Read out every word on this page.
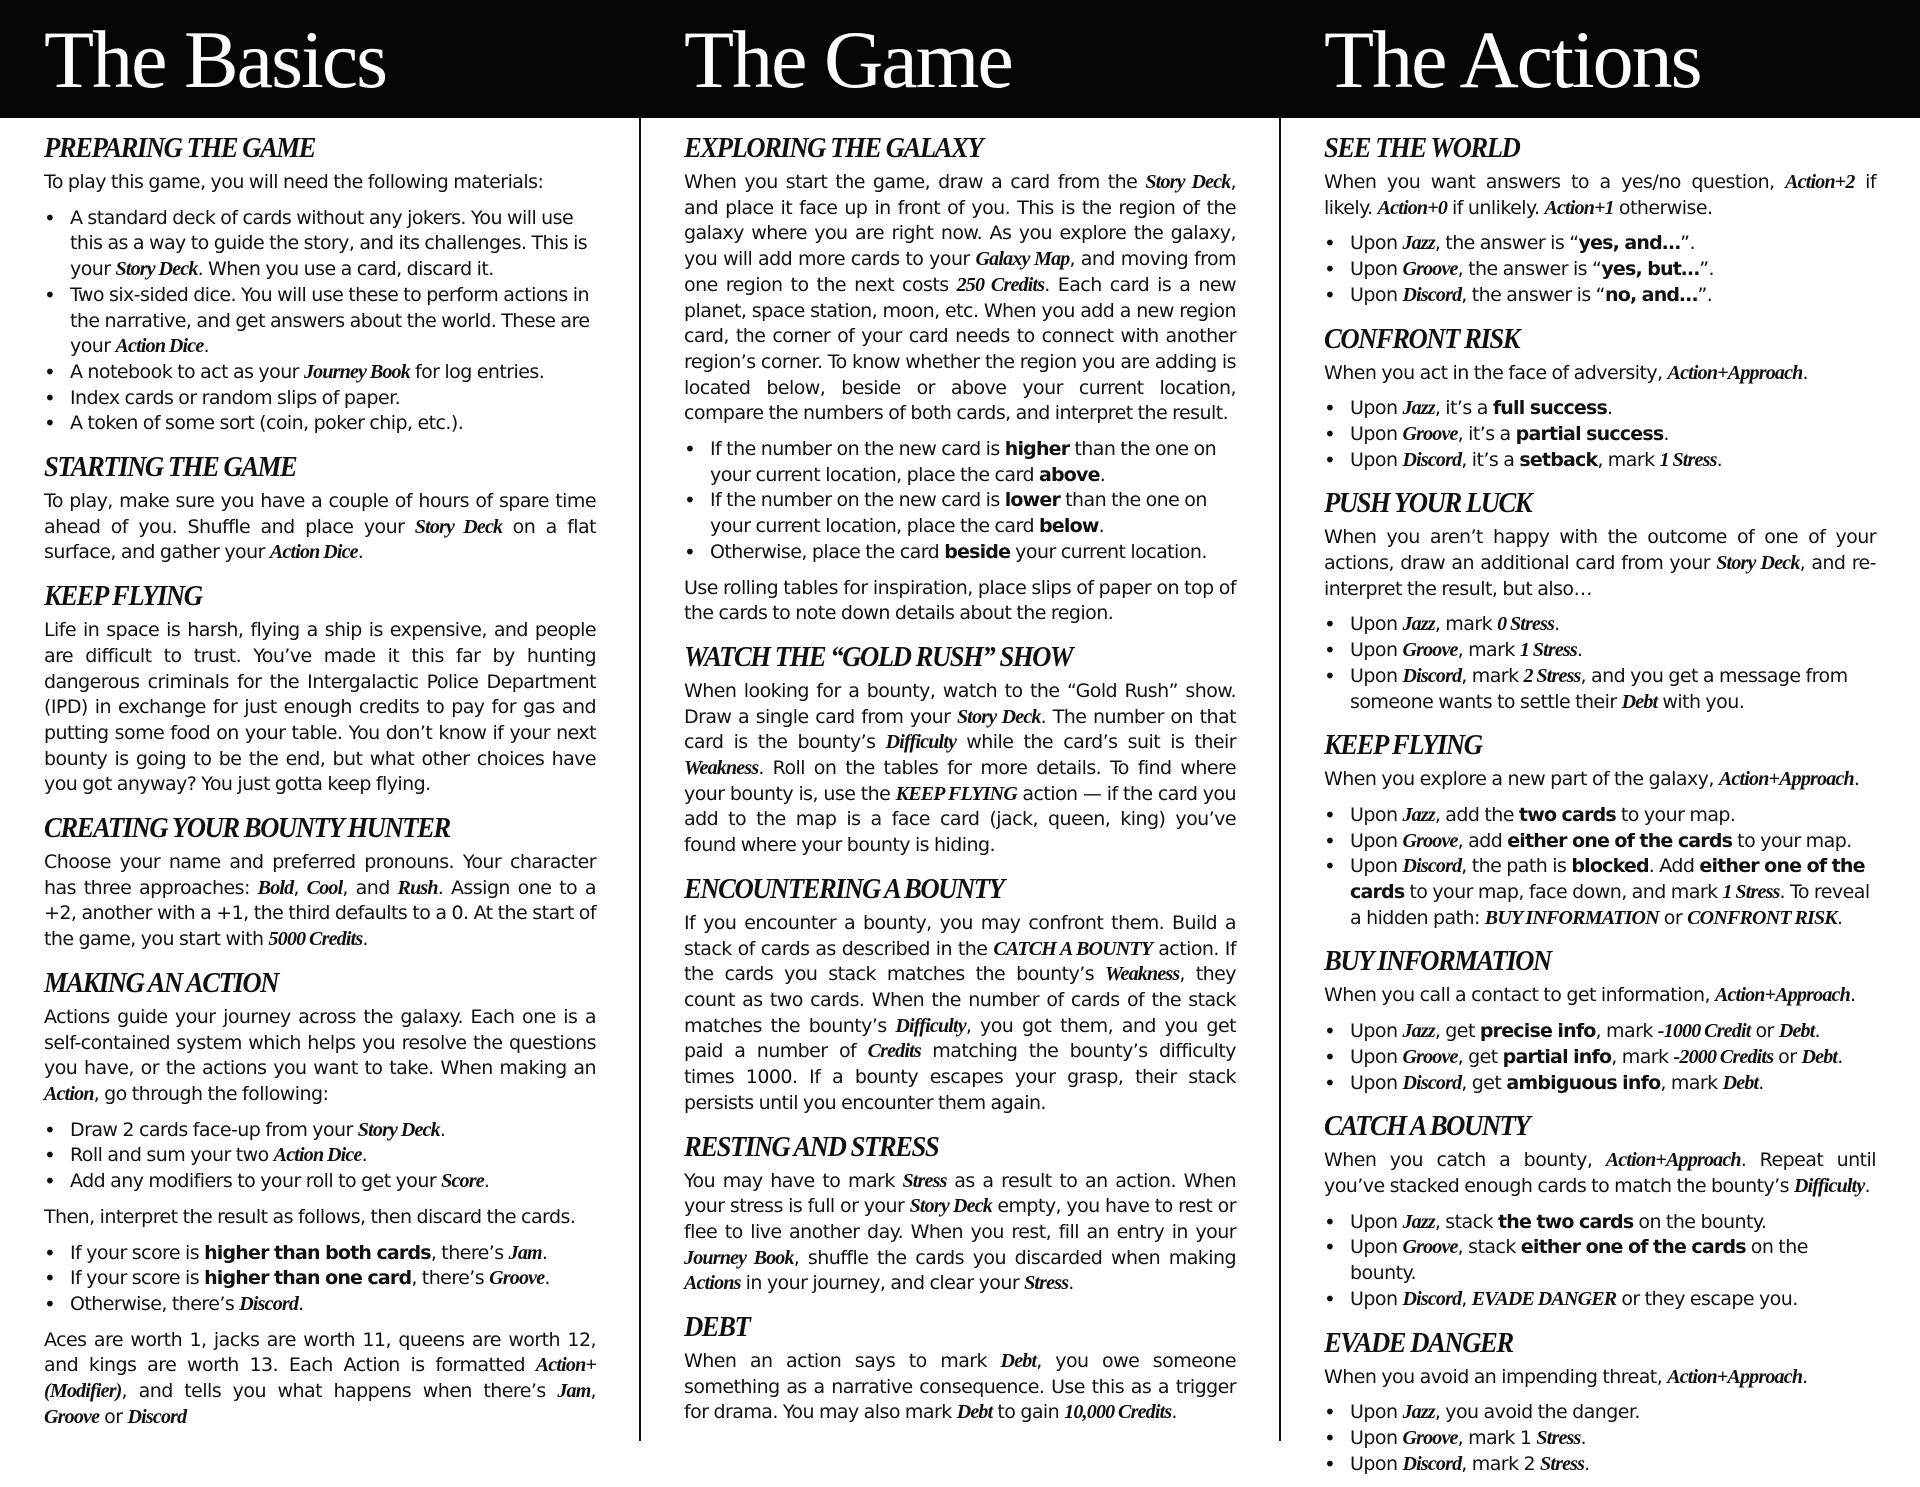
The Basics	The Game	The Actions
PREPARING THE GAME

To play this game, you will need the following materials:

• A standard deck of cards without any jokers. You will use this as a way to guide the story, and its challenges. This is your Story Deck. When you use a card, discard it.
• Two six-sided dice. You will use these to perform actions in the narrative, and get answers about the world. These are your Action Dice.
• A notebook to act as your Journey Book for log entries.
• Index cards or random slips of paper.
• A token of some sort (coin, poker chip, etc.).
STARTING THE GAME

To play, make sure you have a couple of hours of spare time ahead of you. Shuffle and place your Story Deck on a flat surface, and gather your Action Dice.

KEEP FLYING

Life in space is harsh, flying a ship is expensive, and people are difficult to trust. You’ve made it this far by hunting dangerous criminals for the Intergalactic Police Department (IPD) in exchange for just enough credits to pay for gas and putting some food on your table. You don’t know if your next bounty is going to be the end, but what other choices have you got anyway? You just gotta keep flying.

CREATING YOUR BOUNTY HUNTER

Choose your name and preferred pronouns. Your character has three approaches: Bold, Cool, and Rush. Assign one to a +2, another with a +1, the third defaults to a 0. At the start of the game, you start with 5000 Credits.

MAKING AN ACTION

Actions guide your journey across the galaxy. Each one is a self-contained system which helps you resolve the questions you have, or the actions you want to take. When making an Action, go through the following:

• Draw 2 cards face-up from your Story Deck.
• Roll and sum your two Action Dice.
• Add any modifiers to your roll to get your Score.

Then, interpret the result as follows, then discard the cards.

• If your score is higher than both cards, there’s Jam.
• If your score is higher than one card, there’s Groove.
• Otherwise, there’s Discord.

Aces are worth 1, jacks are worth 11, queens are worth 12, and kings are worth 13. Each Action is formatted Action+(Modifier), and tells you what happens when there’s Jam, Groove or Discord

EXPLORING THE GALAXY

When you start the game, draw a card from the Story Deck, and place it face up in front of you. This is the region of the galaxy where you are right now. As you explore the galaxy, you will add more cards to your Galaxy Map, and moving from one region to the next costs 250 Credits. Each card is a new planet, space station, moon, etc. When you add a new region card, the corner of your card needs to connect with another region’s corner. To know whether the region you are adding is located below, beside or above your current location, compare the numbers of both cards, and interpret the result.

• If the number on the new card is higher than the one on your current location, place the card above.
• If the number on the new card is lower than the one on your current location, place the card below.
• Otherwise, place the card beside your current location.

Use rolling tables for inspiration, place slips of paper on top of the cards to note down details about the region.

WATCH THE “GOLD RUSH” SHOW

When looking for a bounty, watch to the “Gold Rush” show. Draw a single card from your Story Deck. The number on that card is the bounty’s Difficulty while the card’s suit is their Weakness. Roll on the tables for more details. To find where your bounty is, use the KEEP FLYING action — if the card you add to the map is a face card (jack, queen, king) you’ve found where your bounty is hiding.

ENCOUNTERING A BOUNTY

If you encounter a bounty, you may confront them. Build a stack of cards as described in the CATCH A BOUNTY action. If the cards you stack matches the bounty’s Weakness, they count as two cards. When the number of cards of the stack matches the bounty’s Difficulty, you got them, and you get paid a number of Credits matching the bounty’s difficulty times 1000. If a bounty escapes your grasp, their stack persists until you encounter them again.

RESTING AND STRESS

You may have to mark Stress as a result to an action. When your stress is full or your Story Deck empty, you have to rest or flee to live another day. When you rest, fill an entry in your Journey Book, shuffle the cards you discarded when making Actions in your journey, and clear your Stress.

DEBT

When an action says to mark Debt, you owe someone something as a narrative consequence. Use this as a trigger for drama. You may also mark Debt to gain 10,000 Credits.

SEE THE WORLD

When you want answers to a yes/no question, Action+2 if likely. Action+0 if unlikely. Action+1 otherwise.

• Upon Jazz, the answer is “yes, and…”.
• Upon Groove, the answer is “yes, but…”.
• Upon Discord, the answer is “no, and…”.
CONFRONT RISK

When you act in the face of adversity, Action+Approach.

• Upon Jazz, it’s a full success.
• Upon Groove, it’s a partial success.
• Upon Discord, it’s a setback, mark 1 Stress.
PUSH YOUR LUCK

When you aren’t happy with the outcome of one of your actions, draw an additional card from your Story Deck, and re-interpret the result, but also…

• Upon Jazz, mark 0 Stress.
• Upon Groove, mark 1 Stress.
• Upon Discord, mark 2 Stress, and you get a message from someone wants to settle their Debt with you.
KEEP FLYING

When you explore a new part of the galaxy, Action+Approach.

• Upon Jazz, add the two cards to your map.
• Upon Groove, add either one of the cards to your map.
• Upon Discord, the path is blocked. Add either one of the cards to your map, face down, and mark 1 Stress. To reveal a hidden path: BUY INFORMATION or CONFRONT RISK.
BUY INFORMATION

When you call a contact to get information, Action+Approach.

• Upon Jazz, get precise info, mark -1000 Credit or Debt.
• Upon Groove, get partial info, mark -2000 Credits or Debt.
• Upon Discord, get ambiguous info, mark Debt.
CATCH A BOUNTY

When you catch a bounty, Action+Approach. Repeat until you’ve stacked enough cards to match the bounty’s Difficulty.

• Upon Jazz, stack the two cards on the bounty.
• Upon Groove, stack either one of the cards on the bounty.
• Upon Discord, EVADE DANGER or they escape you.
EVADE DANGER

When you avoid an impending threat, Action+Approach.

• Upon Jazz, you avoid the danger.
• Upon Groove, mark 1 Stress.
• Upon Discord, mark 2 Stress.
